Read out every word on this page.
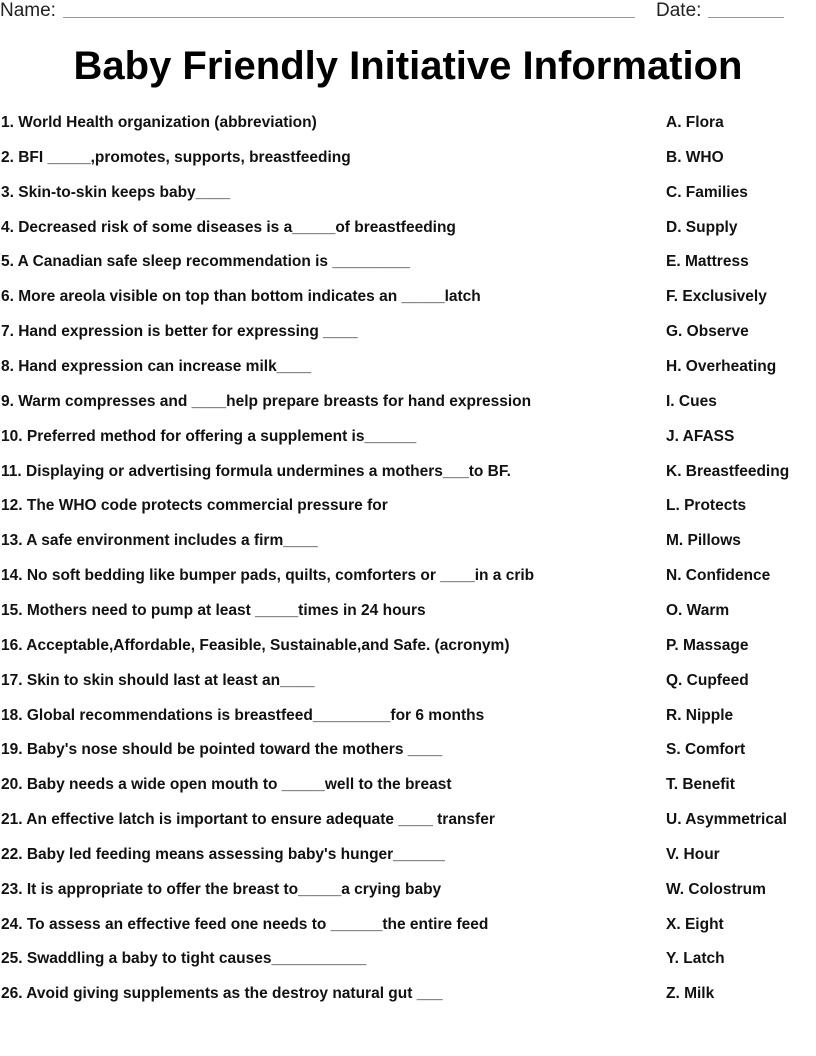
Name:	Date:
Baby Friendly Initiative Information
1. World Health organization (abbreviation)	A. Flora
2. BFI _____,promotes, supports, breastfeeding	B. WHO
3. Skin-to-skin keeps baby____	C. Families
4. Decreased risk of some diseases is a_____of breastfeeding	D. Supply
5. A Canadian safe sleep recommendation is _________	E. Mattress
6. More areola visible on top than bottom indicates an _____latch	F. Exclusively
7. Hand expression is better for expressing ____	G. Observe
8. Hand expression can increase milk____	H. Overheating
9. Warm compresses and ____help prepare breasts for hand expression	I. Cues
10. Preferred method for offering a supplement is______	J. AFASS
11. Displaying or advertising formula undermines a mothers___to BF.	K. Breastfeeding
12. The WHO code protects commercial pressure for	L. Protects
13. A safe environment includes a firm____	M. Pillows
14. No soft bedding like bumper pads, quilts, comforters or ____in a crib	N. Confidence
15. Mothers need to pump at least _____times in 24 hours	O. Warm
16. Acceptable,Affordable, Feasible, Sustainable,and Safe. (acronym)	P. Massage
17. Skin to skin should last at least an____	Q. Cupfeed
18. Global recommendations is breastfeed_________for 6 months	R. Nipple
19. Baby's nose should be pointed toward the mothers ____	S. Comfort
20. Baby needs a wide open mouth to _____well to the breast	T. Benefit
21. An effective latch is important to ensure adequate ____ transfer	U. Asymmetrical
22. Baby led feeding means assessing baby's hunger______	V. Hour
23. It is appropriate to offer the breast to_____a crying baby	W. Colostrum
24. To assess an effective feed one needs to ______the entire feed	X. Eight
25. Swaddling a baby to tight causes___________	Y. Latch
26. Avoid giving supplements as the destroy natural gut ___	Z. Milk
